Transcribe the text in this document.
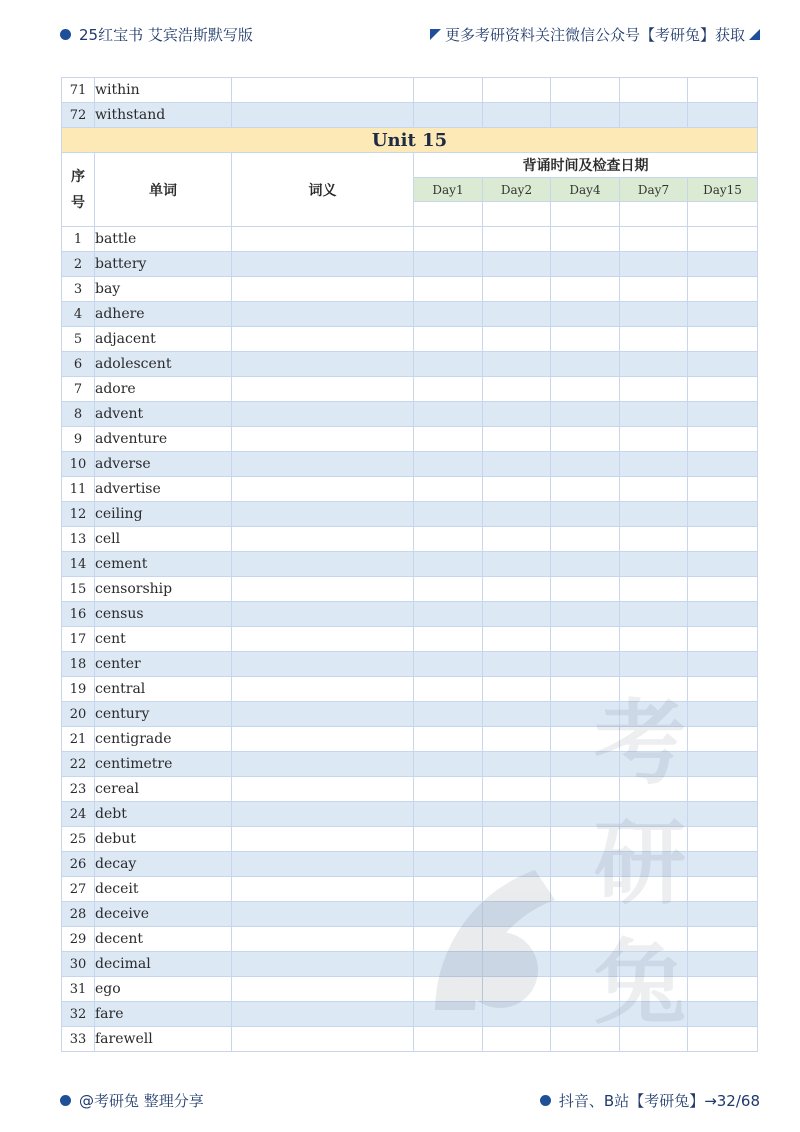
25红宝书 艾宾浩斯默写版	更多考研资料关注微信公众号【考研兔】获取
71	within						
72	withstand						
Unit 15							

序
号	单词	词义	背诵时间及检查日期				
			Day1	Day2	Day4	Day7	Day15

1	battle						
2	battery						
3	bay						
4	adhere						
5	adjacent						
6	adolescent						
7	adore						
8	advent						
9	adventure						
10	adverse						
11	advertise						
12	ceiling						
13	cell						
14	cement						
15	censorship						
16	census						
17	cent						
18	center						
19	central						
20	century						
21	centigrade						
22	centimetre						
23	cereal						
24	debt						
25	debut						
26	decay						
27	deceit						
28	deceive						
29	decent						
30	decimal						
31	ego						
32	fare						
33	farewell						
考
兔
@考研兔 整理分享	抖音、B站【考研兔】→32/68
